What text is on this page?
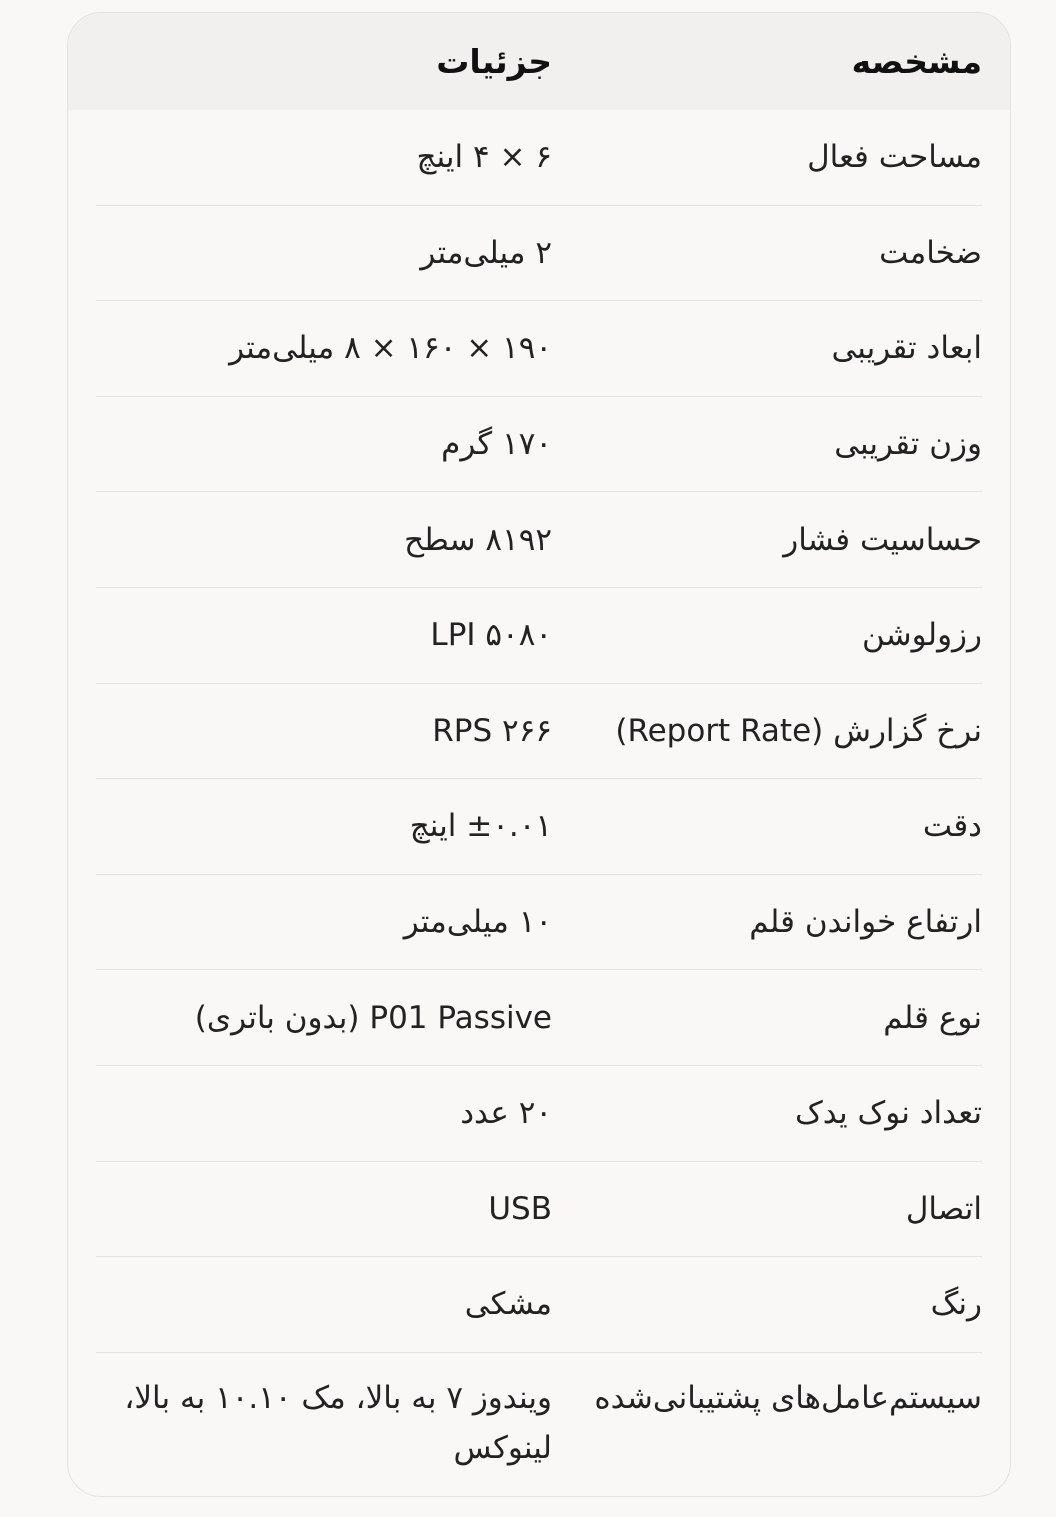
مشخصه
جزئیات
مساحت فعال
۶ × ۴ اینچ
ضخامت
۲ میلی‌متر
ابعاد تقریبی
۱۹۰ × ۱۶۰ × ۸ میلی‌متر
وزن تقریبی
۱۷۰ گرم
حساسیت فشار
۸۱۹۲ سطح
رزولوشن
۵۰۸۰ LPI
نرخ گزارش (Report Rate)
۲۶۶ RPS
دقت
±۰.۰۱ اینچ
ارتفاع خواندن قلم
۱۰ میلی‌متر
نوع قلم
P01 Passive (بدون باتری)
تعداد نوک یدک
۲۰ عدد
اتصال
USB
رنگ
مشکی
سیستم‌عامل‌های پشتیبانی‌شده
ویندوز ۷ به بالا، مک ۱۰.۱۰ به بالا، لینوکس
